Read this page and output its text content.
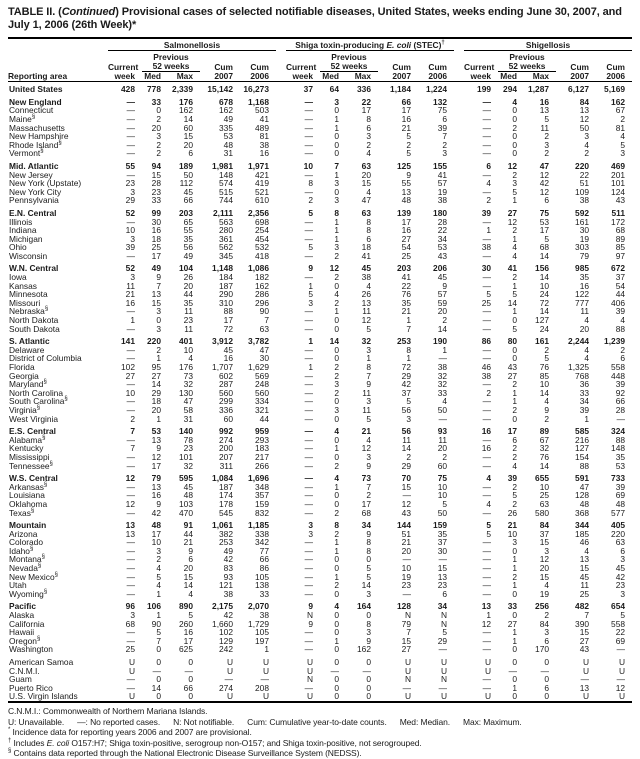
TABLE II. (Continued) Provisional cases of selected notifiable diseases, United States, weeks ending June 30, 2007, and July 1, 2006 (26th Week)*
Reporting area	Salmonellosis						Shiga toxin-producing E. coli (STEC)†						Shigellosis				
		Previous						Previous						Previous			
	Current	52 weeks		Cum	Cum		Current	52 weeks		Cum	Cum		Current	52 weeks		Cum	Cum
	week	Med	Max	2007	2006		week	Med	Max	2007	2006		week	Med	Max	2007	2006
United States	428	778	2,339	15,142	16,273		37	64	336	1,184	1,224		199	294	1,287	6,127	5,169

New England	—	33	176	678	1,168		—	3	22	66	132		—	4	16	84	162
Connecticut	—	0	162	162	503		—	0	17	17	75		—	0	13	13	67
Maine§	—	2	14	49	41		—	1	8	16	6		—	0	5	12	2
Massachusetts	—	20	60	335	489		—	1	6	21	39		—	2	11	50	81
New Hampshire	—	3	15	53	81		—	0	3	5	7		—	0	2	3	4
Rhode Island§	—	2	20	48	38		—	0	2	2	2		—	0	3	4	5
Vermont§	—	2	6	31	16		—	0	4	5	3		—	0	2	2	3

Mid. Atlantic	55	94	189	1,981	1,971		10	7	63	125	155		6	12	47	220	469
New Jersey	—	15	50	148	421		—	1	20	9	41		—	2	12	22	201
New York (Upstate)	23	28	112	574	419		8	3	15	55	57		4	3	42	51	101
New York City	3	23	45	515	521		—	0	4	13	19		—	5	12	109	124
Pennsylvania	29	33	66	744	610		2	3	47	48	38		2	1	6	38	43

E.N. Central	52	99	203	2,111	2,356		5	8	63	139	180		39	27	75	592	511
Illinois	—	30	65	563	698		—	1	8	17	28		—	12	53	161	172
Indiana	10	16	55	280	254		—	1	8	16	22		1	2	17	30	68
Michigan	3	18	35	361	454		—	1	6	27	34		—	1	5	19	89
Ohio	39	25	56	562	532		5	3	18	54	53		38	4	68	303	85
Wisconsin	—	17	49	345	418		—	2	41	25	43		—	4	14	79	97

W.N. Central	52	49	104	1,148	1,086		9	12	45	203	206		30	41	156	985	672
Iowa	3	9	26	184	182		—	2	38	41	45		—	2	14	35	37
Kansas	11	7	20	187	162		1	0	4	22	9		—	1	10	16	54
Minnesota	21	13	44	290	286		5	4	26	76	57		5	5	24	122	44
Missouri	16	15	35	310	296		3	2	13	35	59		25	14	72	777	406
Nebraska§	—	3	11	88	90		—	1	11	21	20		—	1	14	11	39
North Dakota	1	0	23	17	7		—	0	12	1	2		—	0	127	4	4
South Dakota	—	3	11	72	63		—	0	5	7	14		—	5	24	20	88

S. Atlantic	141	220	401	3,912	3,782		1	14	32	253	190		86	80	161	2,244	1,239
Delaware	—	2	10	45	47		—	0	3	8	1		—	0	2	4	2
District of Columbia	—	1	4	16	30		—	0	1	1	—		—	0	5	4	6
Florida	102	95	176	1,707	1,629		1	2	8	72	38		46	43	76	1,325	558
Georgia	27	27	73	602	569		—	2	7	29	32		38	27	85	768	448
Maryland§	—	14	32	287	248		—	3	9	42	32		—	2	10	36	39
North Carolina	10	29	130	560	560		—	2	11	37	33		2	1	14	33	92
South Carolina§	—	18	47	299	334		—	0	3	5	4		—	1	4	34	66
Virginia§	—	20	58	336	321		—	3	11	56	50		—	2	9	39	28
West Virginia	2	1	31	60	44		—	0	5	3	—		—	0	2	1	—

E.S. Central	7	53	140	992	959		—	4	21	56	93		16	17	89	585	324
Alabama§	—	13	78	274	293		—	0	4	11	11		—	6	67	216	88
Kentucky	7	9	23	200	183		—	1	12	14	20		16	2	32	127	148
Mississippi	—	12	101	207	217		—	0	3	2	2		—	2	76	154	35
Tennessee§	—	17	32	311	266		—	2	9	29	60		—	4	14	88	53

W.S. Central	12	79	595	1,084	1,696		—	4	73	70	75		4	39	655	591	733
Arkansas§	—	13	45	187	348		—	1	7	15	10		—	2	10	47	39
Louisiana	—	16	48	174	357		—	0	2	—	10		—	5	25	128	69
Oklahoma	12	9	103	178	159		—	0	17	12	5		4	2	63	48	48
Texas§	—	42	470	545	832		—	2	68	43	50		—	26	580	368	577

Mountain	13	48	91	1,061	1,185		3	8	34	144	159		5	21	84	344	405
Arizona	13	17	44	382	338		3	2	9	51	35		5	10	37	185	220
Colorado	—	10	21	253	342		—	1	8	21	37		—	3	15	46	63
Idaho§	—	3	9	49	77		—	1	8	20	30		—	0	3	4	6
Montana§	—	2	6	42	66		—	0	0	—	—		—	1	12	13	3
Nevada§	—	4	20	83	86		—	0	5	10	15		—	1	20	15	45
New Mexico§	—	5	15	93	105		—	1	5	19	13		—	2	15	45	42
Utah	—	4	14	121	138		—	2	14	23	23		—	1	4	11	23
Wyoming§	—	1	4	38	33		—	0	3	—	6		—	0	19	25	3

Pacific	96	106	890	2,175	2,070		9	4	164	128	34		13	33	256	482	654
Alaska	3	1	5	42	38		N	0	0	N	N		1	0	2	7	5
California	68	90	260	1,660	1,729		9	0	8	79	N		12	27	84	390	558
Hawaii	—	5	16	102	105		—	0	3	7	5		—	1	3	15	22
Oregon§	—	7	17	129	197		—	1	9	15	29		—	1	6	27	69
Washington	25	0	625	242	1		—	0	162	27	—		—	0	170	43	—

American Samoa	U	0	0	U	U		U	0	0	U	U		U	0	0	U	U
C.N.M.I.	U	—	—	U	U		U	—	—	U	U		U	—	—	U	U
Guam	—	0	0	—	—		N	0	0	N	N		—	0	0	—	—
Puerto Rico	—	14	66	274	208		—	0	0	—	—		—	1	6	13	12
U.S. Virgin Islands	U	0	0	U	U		U	0	0	U	U		U	0	0	U	U
C.N.M.I.: Commonwealth of Northern Mariana Islands.
U: Unavailable. —: No reported cases. N: Not notifiable. Cum: Cumulative year-to-date counts. Med: Median. Max: Maximum.
* Incidence data for reporting years 2006 and 2007 are provisional.
† Includes E. coli O157:H7; Shiga toxin-positive, serogroup non-O157; and Shiga toxin-positive, not serogrouped.
§ Contains data reported through the National Electronic Disease Surveillance System (NEDSS).
